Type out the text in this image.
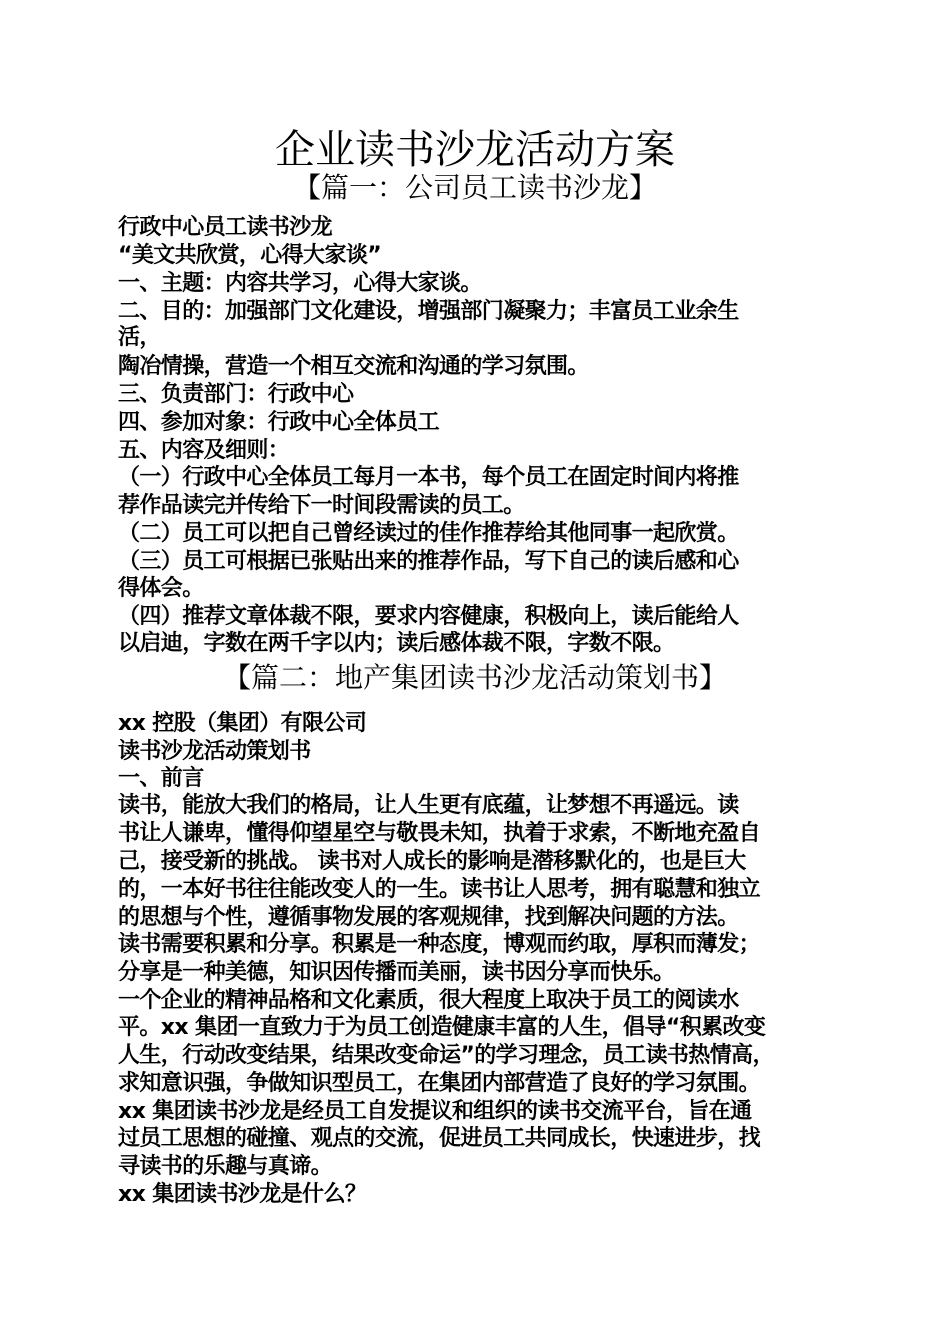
企业读书沙龙活动方案
【篇一：公司员工读书沙龙】
行政中心员工读书沙龙
“美文共欣赏，心得大家谈”
一、主题：内容共学习，心得大家谈。
二、目的：加强部门文化建设，增强部门凝聚力；丰富员工业余生
活，
陶冶情操，营造一个相互交流和沟通的学习氛围。
三、负责部门：行政中心
四、参加对象：行政中心全体员工
五、内容及细则：
（一）行政中心全体员工每月一本书，每个员工在固定时间内将推
荐作品读完并传给下一时间段需读的员工。
（二）员工可以把自己曾经读过的佳作推荐给其他同事一起欣赏。
（三）员工可根据已张贴出来的推荐作品，写下自己的读后感和心
得体会。
（四）推荐文章体裁不限，要求内容健康，积极向上，读后能给人
以启迪，字数在两千字以内；读后感体裁不限，字数不限。
【篇二：地产集团读书沙龙活动策划书】
xx 控股（集团）有限公司
读书沙龙活动策划书
一、前言
读书，能放大我们的格局，让人生更有底蕴，让梦想不再遥远。读
书让人谦卑，懂得仰望星空与敬畏未知，执着于求索，不断地充盈自
己，接受新的挑战。 读书对人成长的影响是潜移默化的，也是巨大
的，一本好书往往能改变人的一生。读书让人思考，拥有聪慧和独立
的思想与个性，遵循事物发展的客观规律，找到解决问题的方法。
读书需要积累和分享。积累是一种态度，博观而约取，厚积而薄发；
分享是一种美德，知识因传播而美丽，读书因分享而快乐。
一个企业的精神品格和文化素质，很大程度上取决于员工的阅读水
平。xx 集团一直致力于为员工创造健康丰富的人生，倡导“积累改变
人生，行动改变结果，结果改变命运”的学习理念，员工读书热情高，
求知意识强，争做知识型员工，在集团内部营造了良好的学习氛围。
xx 集团读书沙龙是经员工自发提议和组织的读书交流平台，旨在通
过员工思想的碰撞、观点的交流，促进员工共同成长，快速进步，找
寻读书的乐趣与真谛。
xx 集团读书沙龙是什么？
